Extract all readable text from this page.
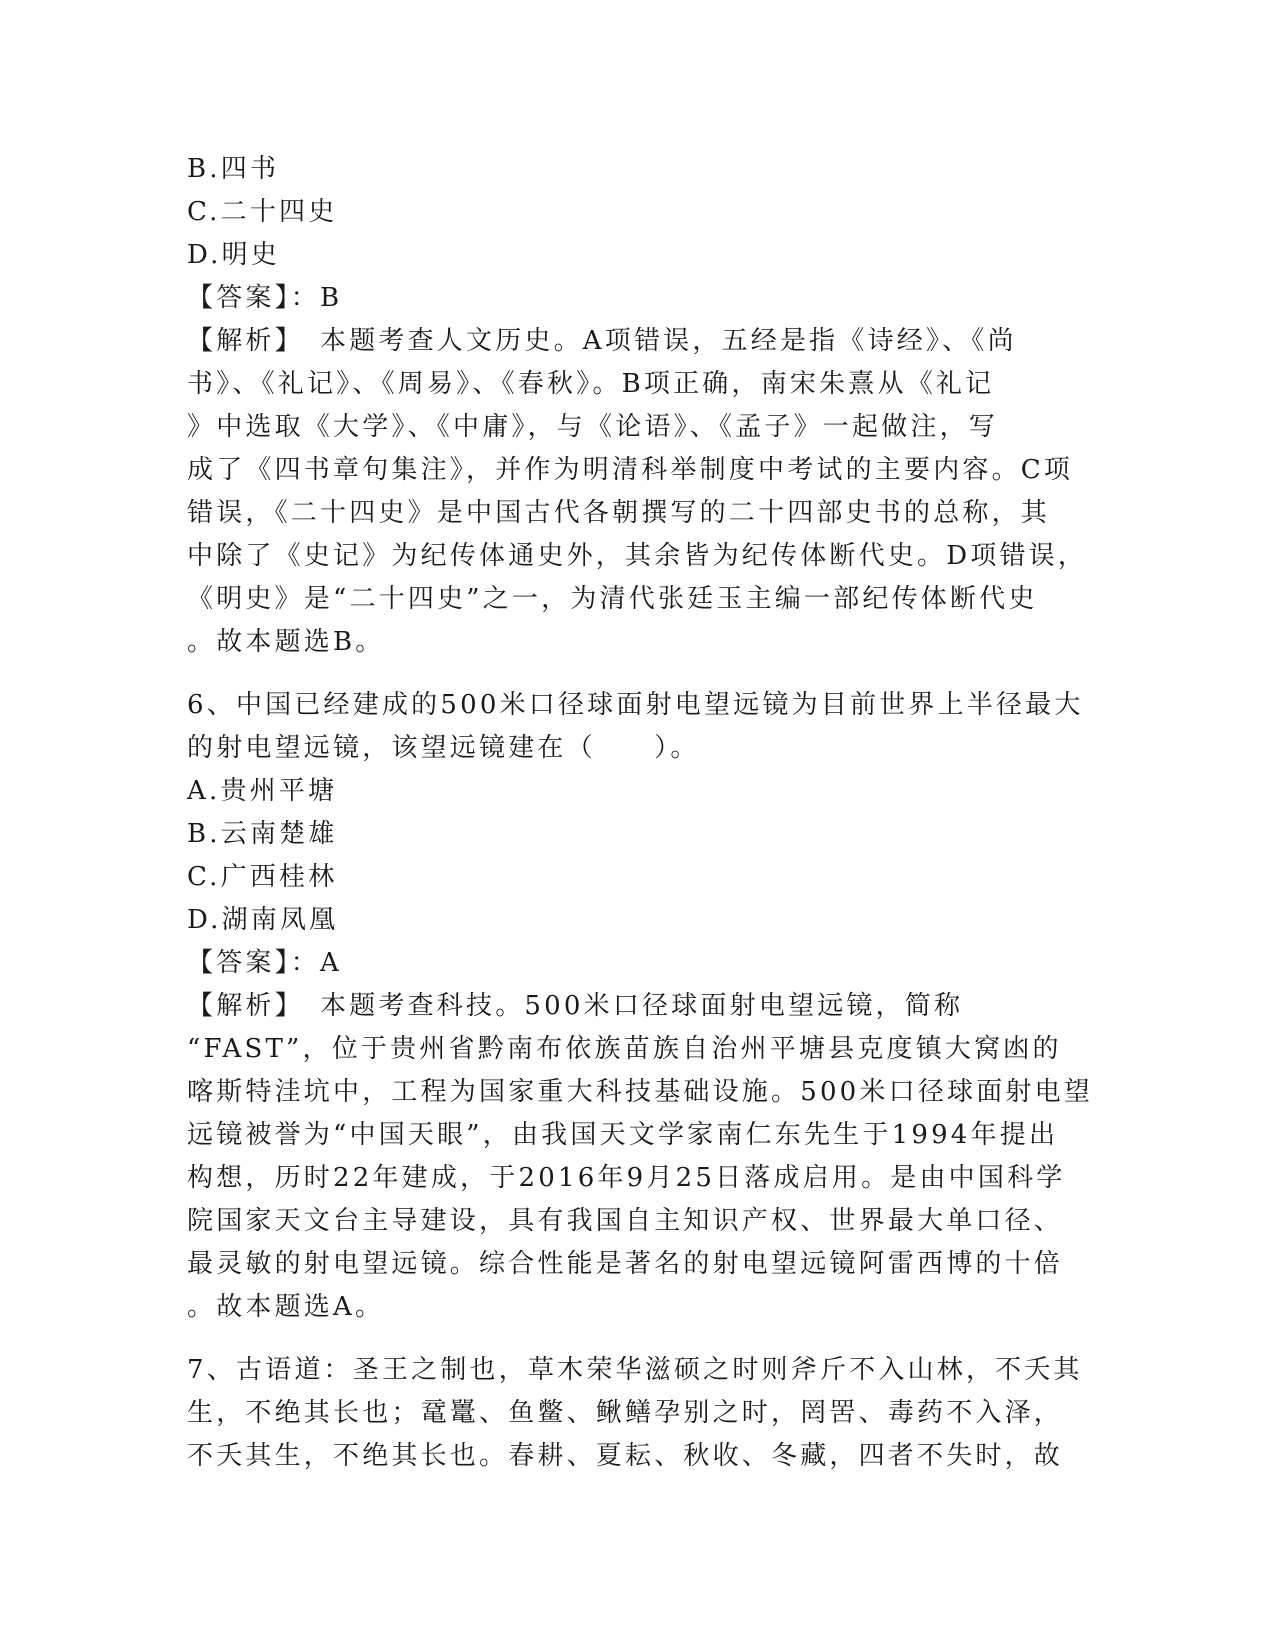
B.四书
C.二十四史
D.明史
【答案】：B
【解析】　本题考查人文历史。A项错误，五经是指《诗经》、《尚
书》、《礼记》、《周易》、《春秋》。B项正确，南宋朱熹从《礼记
》中选取《大学》、《中庸》，与《论语》、《孟子》一起做注，写
成了《四书章句集注》，并作为明清科举制度中考试的主要内容。C项
错误，《二十四史》是中国古代各朝撰写的二十四部史书的总称，其
中除了《史记》为纪传体通史外，其余皆为纪传体断代史。D项错误，
《明史》是“二十四史”之一，为清代张廷玉主编一部纪传体断代史
。故本题选B。
6、中国已经建成的500米口径球面射电望远镜为目前世界上半径最大
的射电望远镜，该望远镜建在（　　）。
A.贵州平塘
B.云南楚雄
C.广西桂林
D.湖南凤凰
【答案】：A
【解析】　本题考查科技。500米口径球面射电望远镜，简称
“FAST”，位于贵州省黔南布依族苗族自治州平塘县克度镇大窝凼的
喀斯特洼坑中，工程为国家重大科技基础设施。500米口径球面射电望
远镜被誉为“中国天眼”，由我国天文学家南仁东先生于1994年提出
构想，历时22年建成，于2016年9月25日落成启用。是由中国科学
院国家天文台主导建设，具有我国自主知识产权、世界最大单口径、
最灵敏的射电望远镜。综合性能是著名的射电望远镜阿雷西博的十倍
。故本题选A。
7、古语道：圣王之制也，草木荣华滋硕之时则斧斤不入山林，不夭其
生，不绝其长也；鼋鼍、鱼鳖、鳅鳝孕别之时，罔罟、毒药不入泽，
不夭其生，不绝其长也。春耕、夏耘、秋收、冬藏，四者不失时，故
